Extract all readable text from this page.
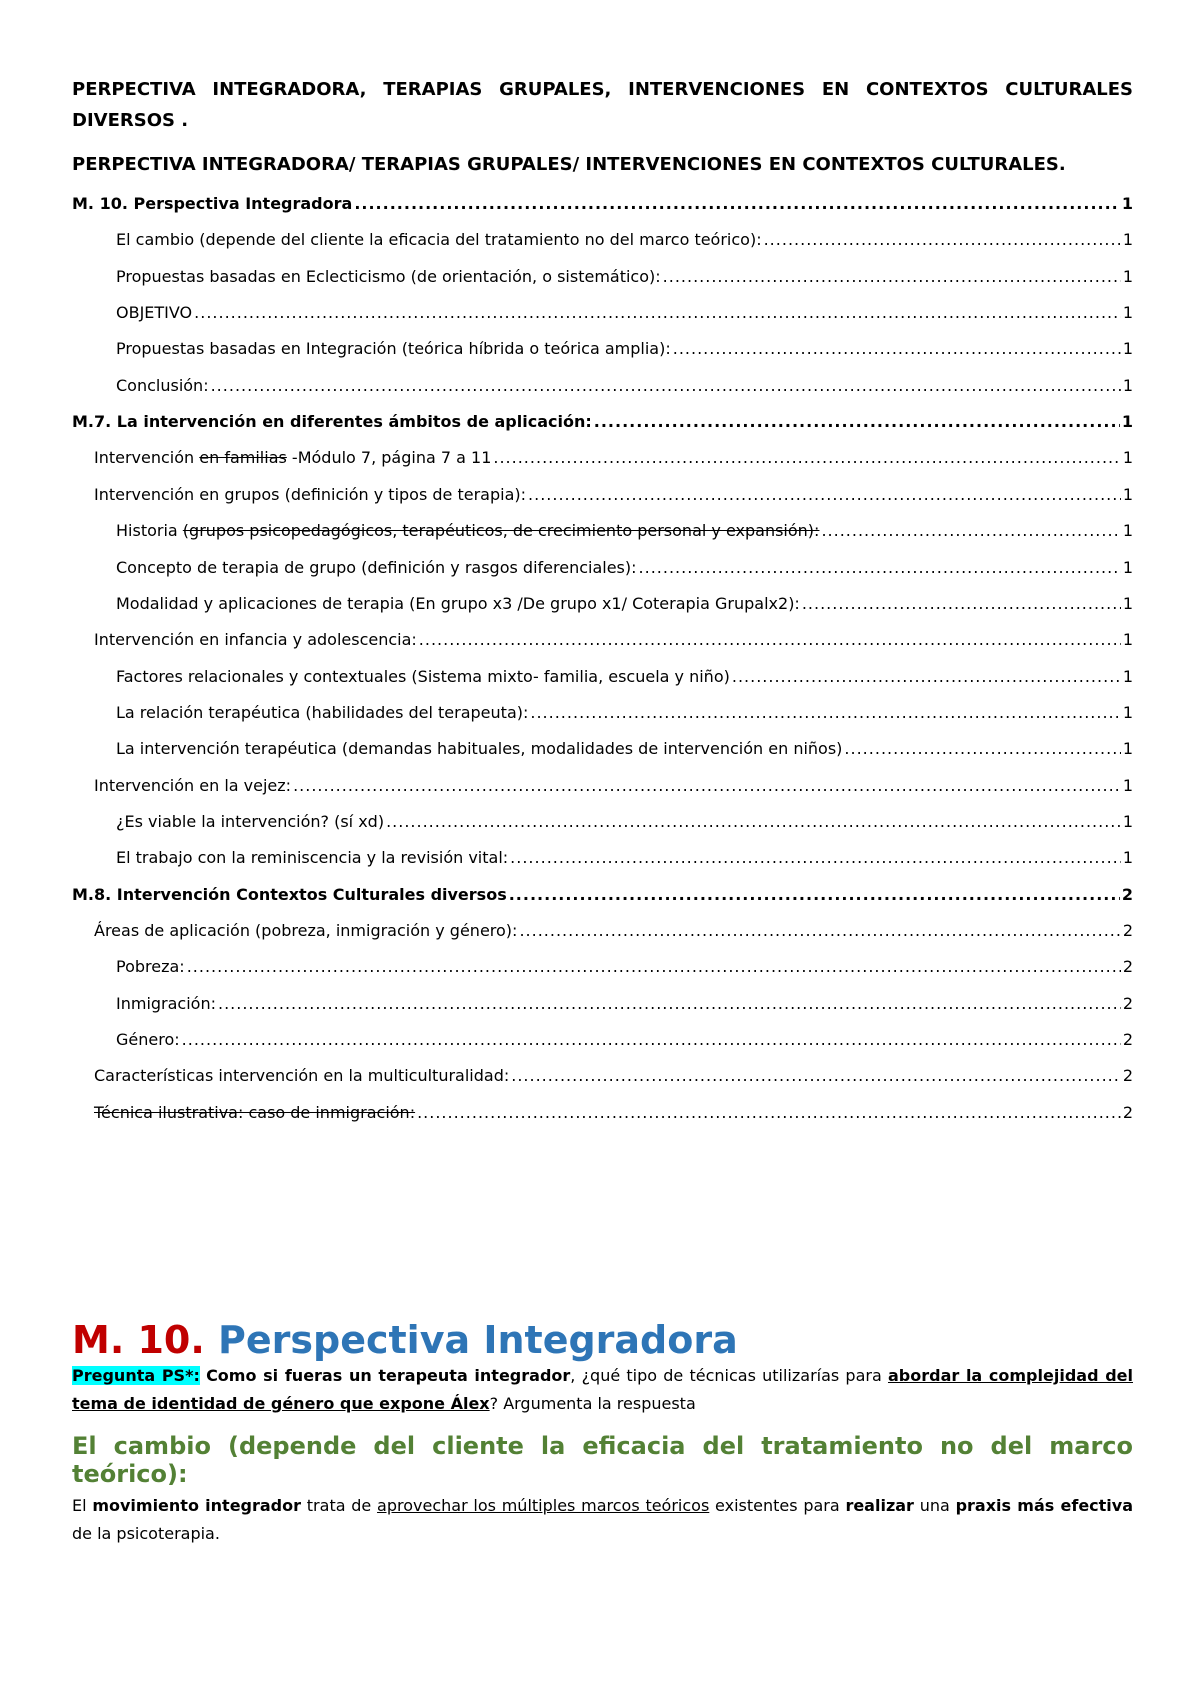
PERPECTIVA INTEGRADORA, TERAPIAS GRUPALES, INTERVENCIONES EN CONTEXTOS CULTURALES DIVERSOS .
PERPECTIVA INTEGRADORA/ TERAPIAS GRUPALES/ INTERVENCIONES EN CONTEXTOS CULTURALES.
M. 10. Perspectiva Integradora .....	1
El cambio (depende del cliente la eficacia del tratamiento no del marco teórico): .....	1
Propuestas basadas en Eclecticismo (de orientación, o sistemático): .....	1
OBJETIVO .....	1
Propuestas basadas en Integración (teórica híbrida o teórica amplia): .....	1
Conclusión: .....	1
M.7. La intervención en diferentes ámbitos de aplicación: .....	1
Intervención en familias -Módulo 7, página 7 a 11 .....	1
Intervención en grupos (definición y tipos de terapia): .....	1
Historia (grupos psicopedagógicos, terapéuticos, de crecimiento personal y expansión): .....	1
Concepto de terapia de grupo (definición y rasgos diferenciales): .....	1
Modalidad y aplicaciones de terapia (En grupo x3 /De grupo x1/ Coterapia Grupalx2): .....	1
Intervención en infancia y adolescencia: .....	1
Factores relacionales y contextuales (Sistema mixto- familia, escuela y niño) .....	1
La relación terapéutica (habilidades del terapeuta): .....	1
La intervención terapéutica (demandas habituales, modalidades de intervención en niños) .....	1
Intervención en la vejez: .....	1
¿Es viable la intervención? (sí xd) .....	1
El trabajo con la reminiscencia y la revisión vital: .....	1
M.8. Intervención Contextos Culturales diversos .....	2
Áreas de aplicación (pobreza, inmigración y género): .....	2
Pobreza: .....	2
Inmigración: .....	2
Género: .....	2
Características intervención en la multiculturalidad: .....	2
Técnica ilustrativa: caso de inmigración: .....	2
M. 10. Perspectiva Integradora
Pregunta PS*: Como si fueras un terapeuta integrador, ¿qué tipo de técnicas utilizarías para abordar la complejidad del tema de identidad de género que expone Álex? Argumenta la respuesta
El cambio (depende del cliente la eficacia del tratamiento no del marco teórico):
El movimiento integrador trata de aprovechar los múltiples marcos teóricos existentes para realizar una praxis más efectiva de la psicoterapia.
